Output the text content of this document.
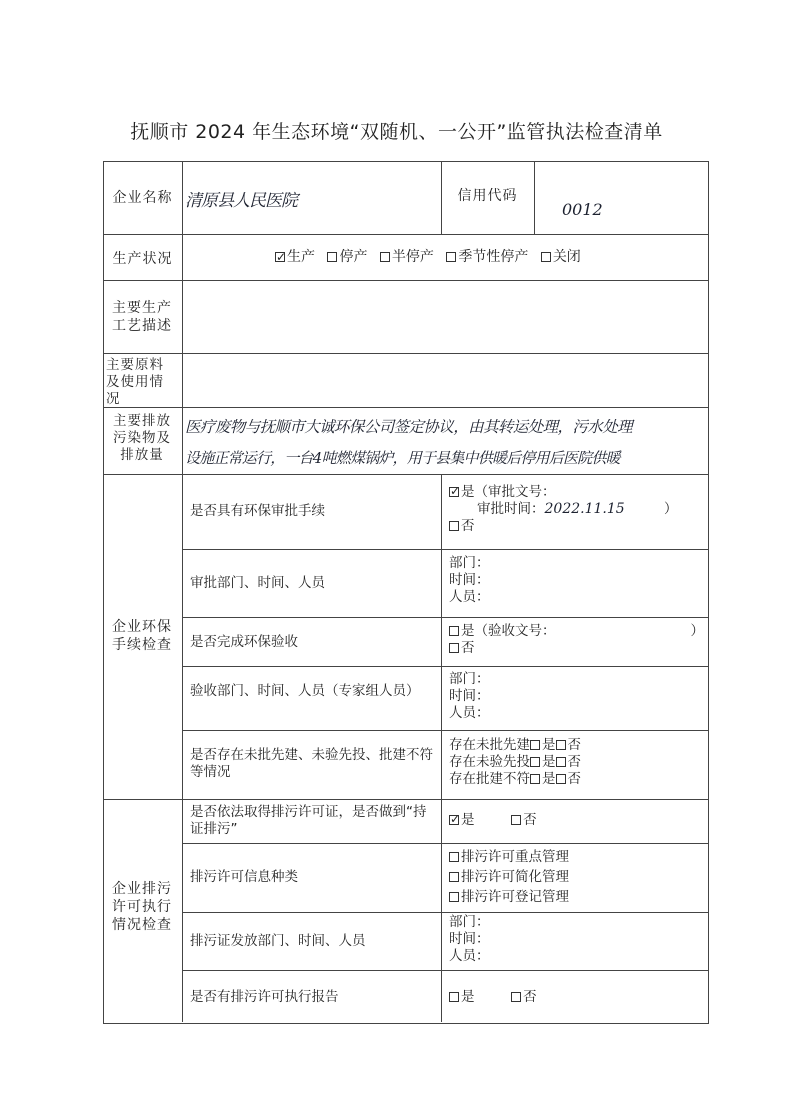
抚顺市 2024 年生态环境“双随机、一公开”监管执法检查清单
企业名称 清原县人民医院	信用代码
0012
生产状况
✓	生产 停产 半停产 季节性停产 关闭
主要生产工艺描述
主要原料及使用情况
主要排放污染物及排放量
医疗废物与抚顺市大诚环保公司签定协议，由其转运处理，污水处理
设施正常运行，一台4吨燃煤锅炉，用于县集中供暖后停用后医院供暖
企业环保手续检查
是否具有环保审批手续
✓是（审批文号：
审批时间：2022.11.15	）
否
审批部门、时间、人员
部门：
时间：
人员：
是否完成环保验收
是（验收文号：	）
否
验收部门、时间、人员（专家组人员）
部门：
时间：
人员：
是否存在未批先建、未验先投、批建不符等情况
存在未批先建 是 否
存在未验先投 是 否
存在批建不符 是 否
企业排污许可执行情况检查
是否依法取得排污许可证，是否做到“持证排污”
✓是	否
排污许可信息种类
排污许可重点管理
排污许可简化管理
排污许可登记管理
排污证发放部门、时间、人员
部门：
时间：
人员：
是否有排污许可执行报告	是	否
